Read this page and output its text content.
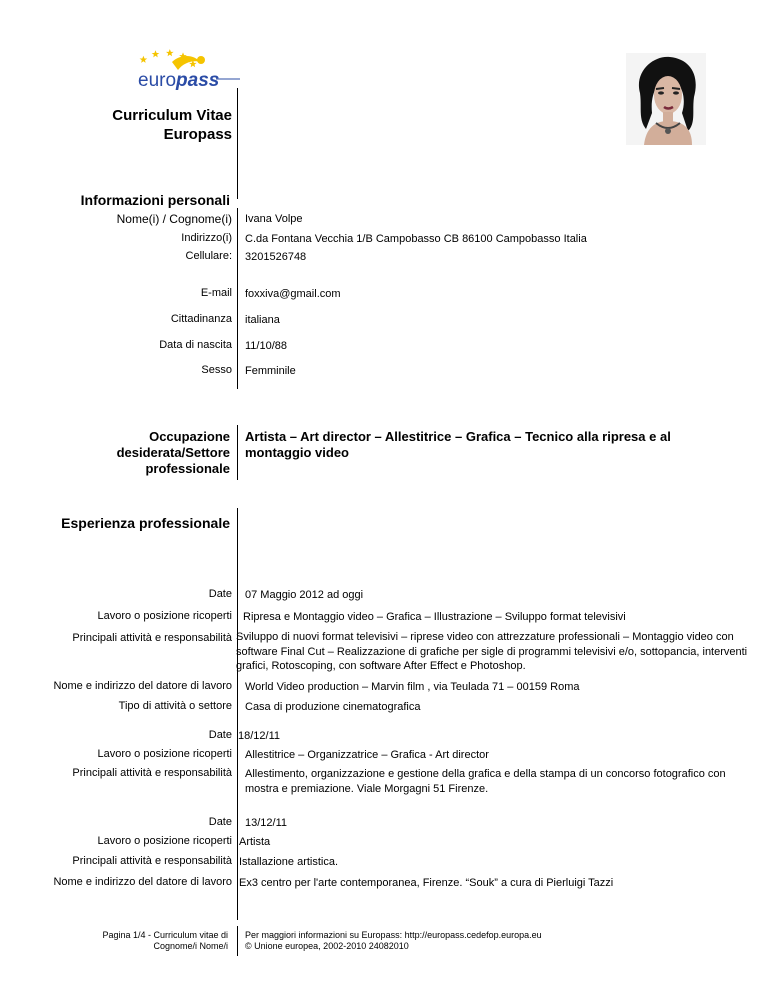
europass
Curriculum Vitae
Europass
Informazioni personali
Nome(i) / Cognome(i) Ivana Volpe
Indirizzo(i) C.da Fontana Vecchia 1/B Campobasso CB 86100 Campobasso Italia
Cellulare: 3201526748
E-mail foxxiva@gmail.com
Cittadinanza italiana
Data di nascita 11/10/88
Sesso Femminile
Occupazione
desiderata/Settore
professionale
Artista – Art director – Allestitrice – Grafica – Tecnico alla ripresa e al
montaggio video
Esperienza professionale
Date 07 Maggio 2012 ad oggi
Lavoro o posizione ricoperti Ripresa e Montaggio video – Grafica – Illustrazione – Sviluppo format televisivi
Principali attività e responsabilità Sviluppo di nuovi format televisivi – riprese video con attrezzature professionali – Montaggio video con
software Final Cut – Realizzazione di grafiche per sigle di programmi televisivi e/o, sottopancia, interventi
grafici, Rotoscoping, con software After Effect e Photoshop.
Nome e indirizzo del datore di lavoro World Video production – Marvin film , via Teulada 71 – 00159 Roma
Tipo di attività o settore Casa di produzione cinematografica
Date 18/12/11
Lavoro o posizione ricoperti Allestitrice – Organizzatrice – Grafica - Art director
Principali attività e responsabilità Allestimento, organizzazione e gestione della grafica e della stampa di un concorso fotografico con
mostra e premiazione. Viale Morgagni 51 Firenze.
Date 13/12/11
Lavoro o posizione ricoperti Artista
Principali attività e responsabilità Istallazione artistica.
Nome e indirizzo del datore di lavoro Ex3 centro per l'arte contemporanea, Firenze. “Souk” a cura di Pierluigi Tazzi
Pagina 1/4 - Curriculum vitae di
Cognome/i Nome/i
Per maggiori informazioni su Europass: http://europass.cedefop.europa.eu
© Unione europea, 2002-2010 24082010
